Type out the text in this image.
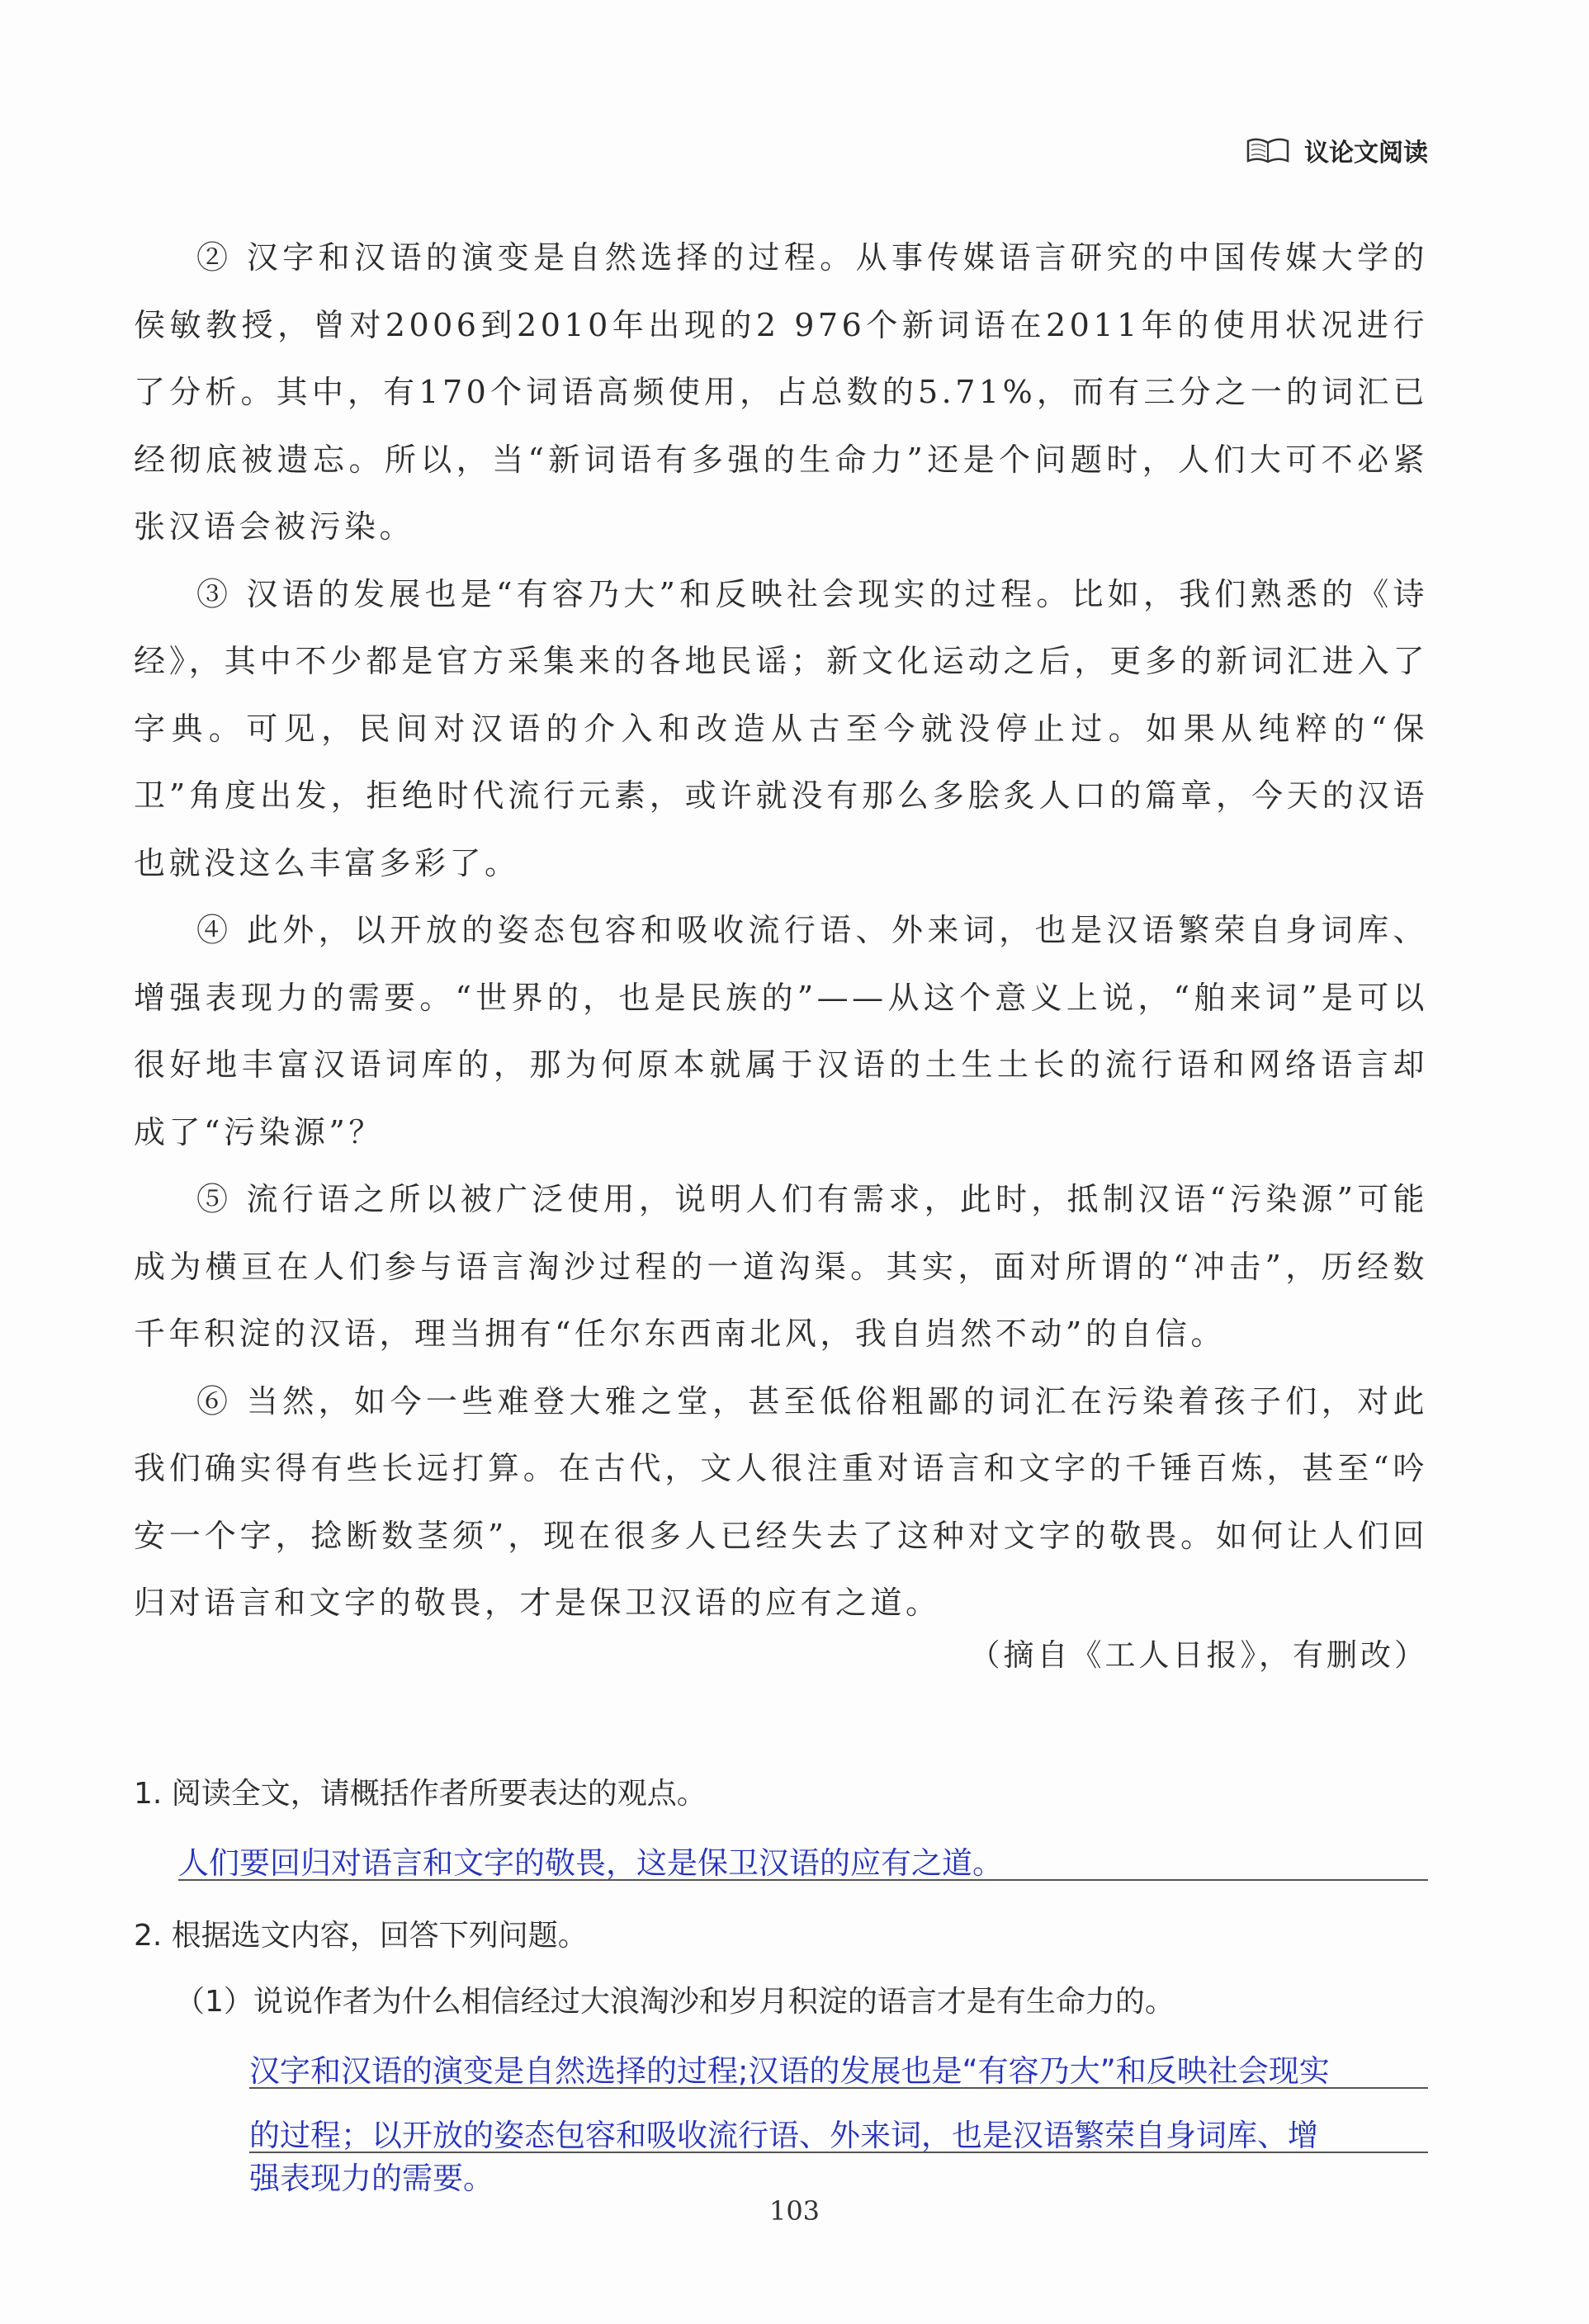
议论文阅读

② 汉字和汉语的演变是自然选择的过程。从事传媒语言研究的中国传媒大学的侯敏教授，曾对2006到2010年出现的2 976个新词语在2011年的使用状况进行了分析。其中，有170个词语高频使用，占总数的5.71%，而有三分之一的词汇已经彻底被遗忘。所以，当“新词语有多强的生命力”还是个问题时，人们大可不必紧张汉语会被污染。

③ 汉语的发展也是“有容乃大”和反映社会现实的过程。比如，我们熟悉的《诗经》，其中不少都是官方采集来的各地民谣；新文化运动之后，更多的新词汇进入了字典。可见，民间对汉语的介入和改造从古至今就没停止过。如果从纯粹的“保卫”角度出发，拒绝时代流行元素，或许就没有那么多脍炙人口的篇章，今天的汉语也就没这么丰富多彩了。

④ 此外，以开放的姿态包容和吸收流行语、外来词，也是汉语繁荣自身词库、增强表现力的需要。“世界的，也是民族的”——从这个意义上说，“舶来词”是可以很好地丰富汉语词库的，那为何原本就属于汉语的土生土长的流行语和网络语言却成了“污染源”？

⑤ 流行语之所以被广泛使用，说明人们有需求，此时，抵制汉语“污染源”可能成为横亘在人们参与语言淘沙过程的一道沟渠。其实，面对所谓的“冲击”，历经数千年积淀的汉语，理当拥有“任尔东西南北风，我自岿然不动”的自信。

⑥ 当然，如今一些难登大雅之堂，甚至低俗粗鄙的词汇在污染着孩子们，对此我们确实得有些长远打算。在古代，文人很注重对语言和文字的千锤百炼，甚至“吟安一个字，捻断数茎须”，现在很多人已经失去了这种对文字的敬畏。如何让人们回归对语言和文字的敬畏，才是保卫汉语的应有之道。

（摘自《工人日报》，有删改）
1. 阅读全文，请概括作者所要表达的观点。
人们要回归对语言和文字的敬畏，这是保卫汉语的应有之道。
2. 根据选文内容，回答下列问题。
（1）说说作者为什么相信经过大浪淘沙和岁月积淀的语言才是有生命力的。
汉字和汉语的演变是自然选择的过程;汉语的发展也是“有容乃大”和反映社会现实
的过程；以开放的姿态包容和吸收流行语、外来词，也是汉语繁荣自身词库、增
强表现力的需要。
103
